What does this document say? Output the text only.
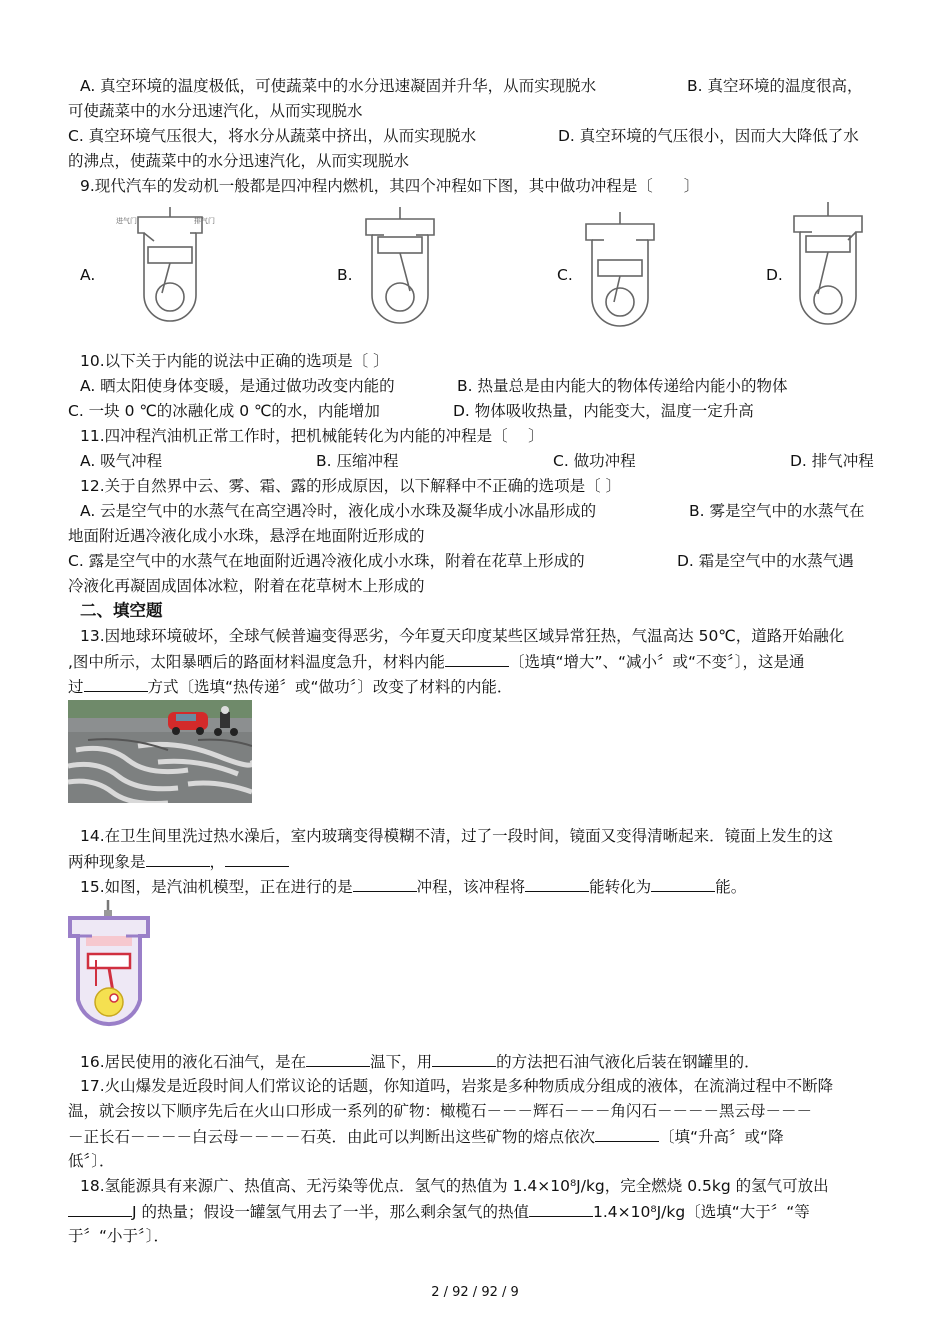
A. 真空环境的温度极低，可使蔬菜中的水分迅速凝固并升华，从而实现脱水	B. 真空环境的温度很高，
可使蔬菜中的水分迅速汽化，从而实现脱水
C. 真空环境气压很大，将水分从蔬菜中挤出，从而实现脱水	D. 真空环境的气压很小，因而大大降低了水
的沸点，使蔬菜中的水分迅速汽化，从而实现脱水
9.现代汽车的发动机一般都是四冲程内燃机，其四个冲程如下图，其中做功冲程是〔　　〕
A.	B.	C.	D.
进气门	排气门
10.以下关于内能的说法中正确的选项是〔 〕
A. 晒太阳使身体变暖，是通过做功改变内能的	B. 热量总是由内能大的物体传递给内能小的物体
C. 一块 0 ℃的冰融化成 0 ℃的水，内能增加	D. 物体吸收热量，内能变大，温度一定升高
11.四冲程汽油机正常工作时，把机械能转化为内能的冲程是〔　 〕
A. 吸气冲程	B. 压缩冲程	C. 做功冲程	D. 排气冲程
12.关于自然界中云、雾、霜、露的形成原因，以下解释中不正确的选项是〔 〕
A. 云是空气中的水蒸气在高空遇冷时，液化成小水珠及凝华成小冰晶形成的	B. 雾是空气中的水蒸气在
地面附近遇冷液化成小水珠，悬浮在地面附近形成的
C. 露是空气中的水蒸气在地面附近遇冷液化成小水珠，附着在花草上形成的	D. 霜是空气中的水蒸气遇
冷液化再凝固成固体冰粒，附着在花草树木上形成的
二、填空题
13.因地球环境破坏，全球气候普遍变得恶劣，今年夏天印度某些区域异常狂热，气温高达 50℃，道路开始融化
,图中所示，太阳暴晒后的路面材料温度急升，材料内能	〔选填“增大”、“减小〞或“不变〞〕，这是通
过	方式〔选填“热传递〞或“做功〞〕改变了材料的内能．
14.在卫生间里洗过热水澡后，室内玻璃变得模糊不清，过了一段时间，镜面又变得清晰起来．镜面上发生的这
两种现象是	，
15.如图，是汽油机模型，正在进行的是	冲程，该冲程将	能转化为	能。
16.居民使用的液化石油气，是在	温下，用	的方法把石油气液化后装在钢罐里的．
17.火山爆发是近段时间人们常议论的话题，你知道吗，岩浆是多种物质成分组成的液体，在流淌过程中不断降
温，就会按以下顺序先后在火山口形成一系列的矿物：橄榄石－－－辉石－－－角闪石－－－－黑云母－－－
－正长石－－－－白云母－－－－石英．由此可以判断出这些矿物的熔点依次	〔填“升高〞或“降
低〞〕．
18.氢能源具有来源广、热值高、无污染等优点．氢气的热值为 1.4×10⁸J/kg，完全燃烧 0.5kg 的氢气可放出
J 的热量；假设一罐氢气用去了一半，那么剩余氢气的热值	1.4×10⁸J/kg〔选填“大于〞“等
于〞“小于〞〕．
2 / 92 / 92 / 9
